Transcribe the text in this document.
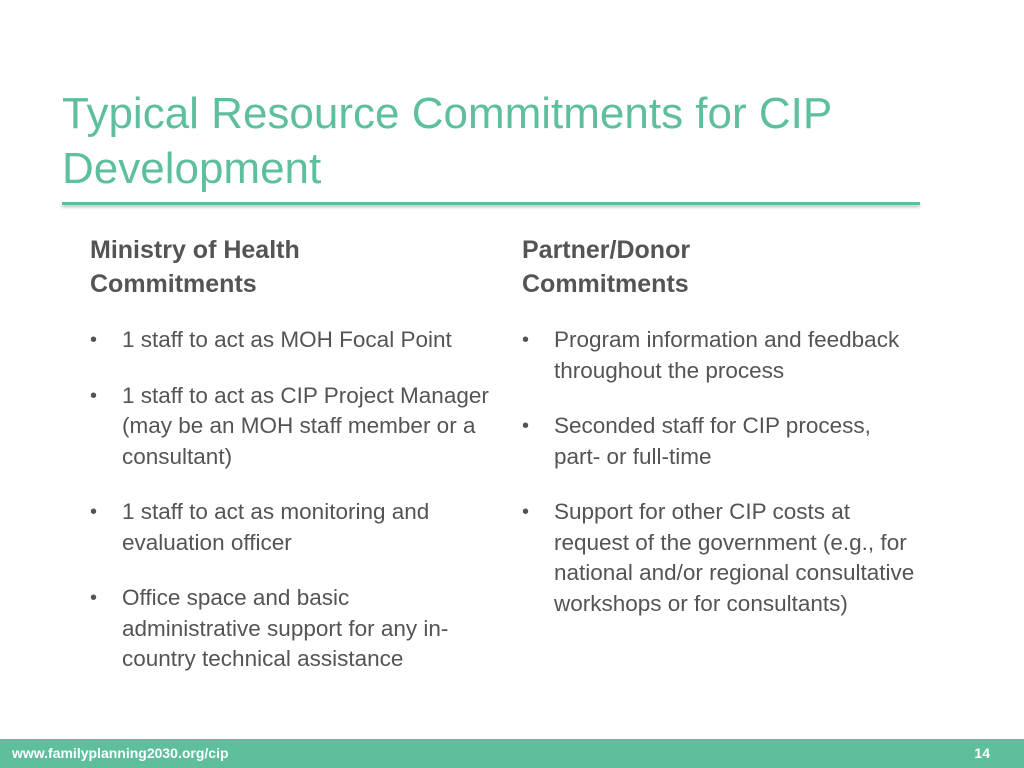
Typical Resource Commitments for CIP Development
Ministry of Health
Commitments
• 1 staff to act as MOH Focal Point
• 1 staff to act as CIP Project Manager (may be an MOH staff member or a consultant)
• 1 staff to act as monitoring and evaluation officer
• Office space and basic administrative support for any in-country technical assistance
Partner/Donor
Commitments
• Program information and feedback throughout the process
• Seconded staff for CIP process, part- or full-time
• Support for other CIP costs at request of the government (e.g., for national and/or regional consultative workshops or for consultants)
www.familyplanning2030.org/cip	14
